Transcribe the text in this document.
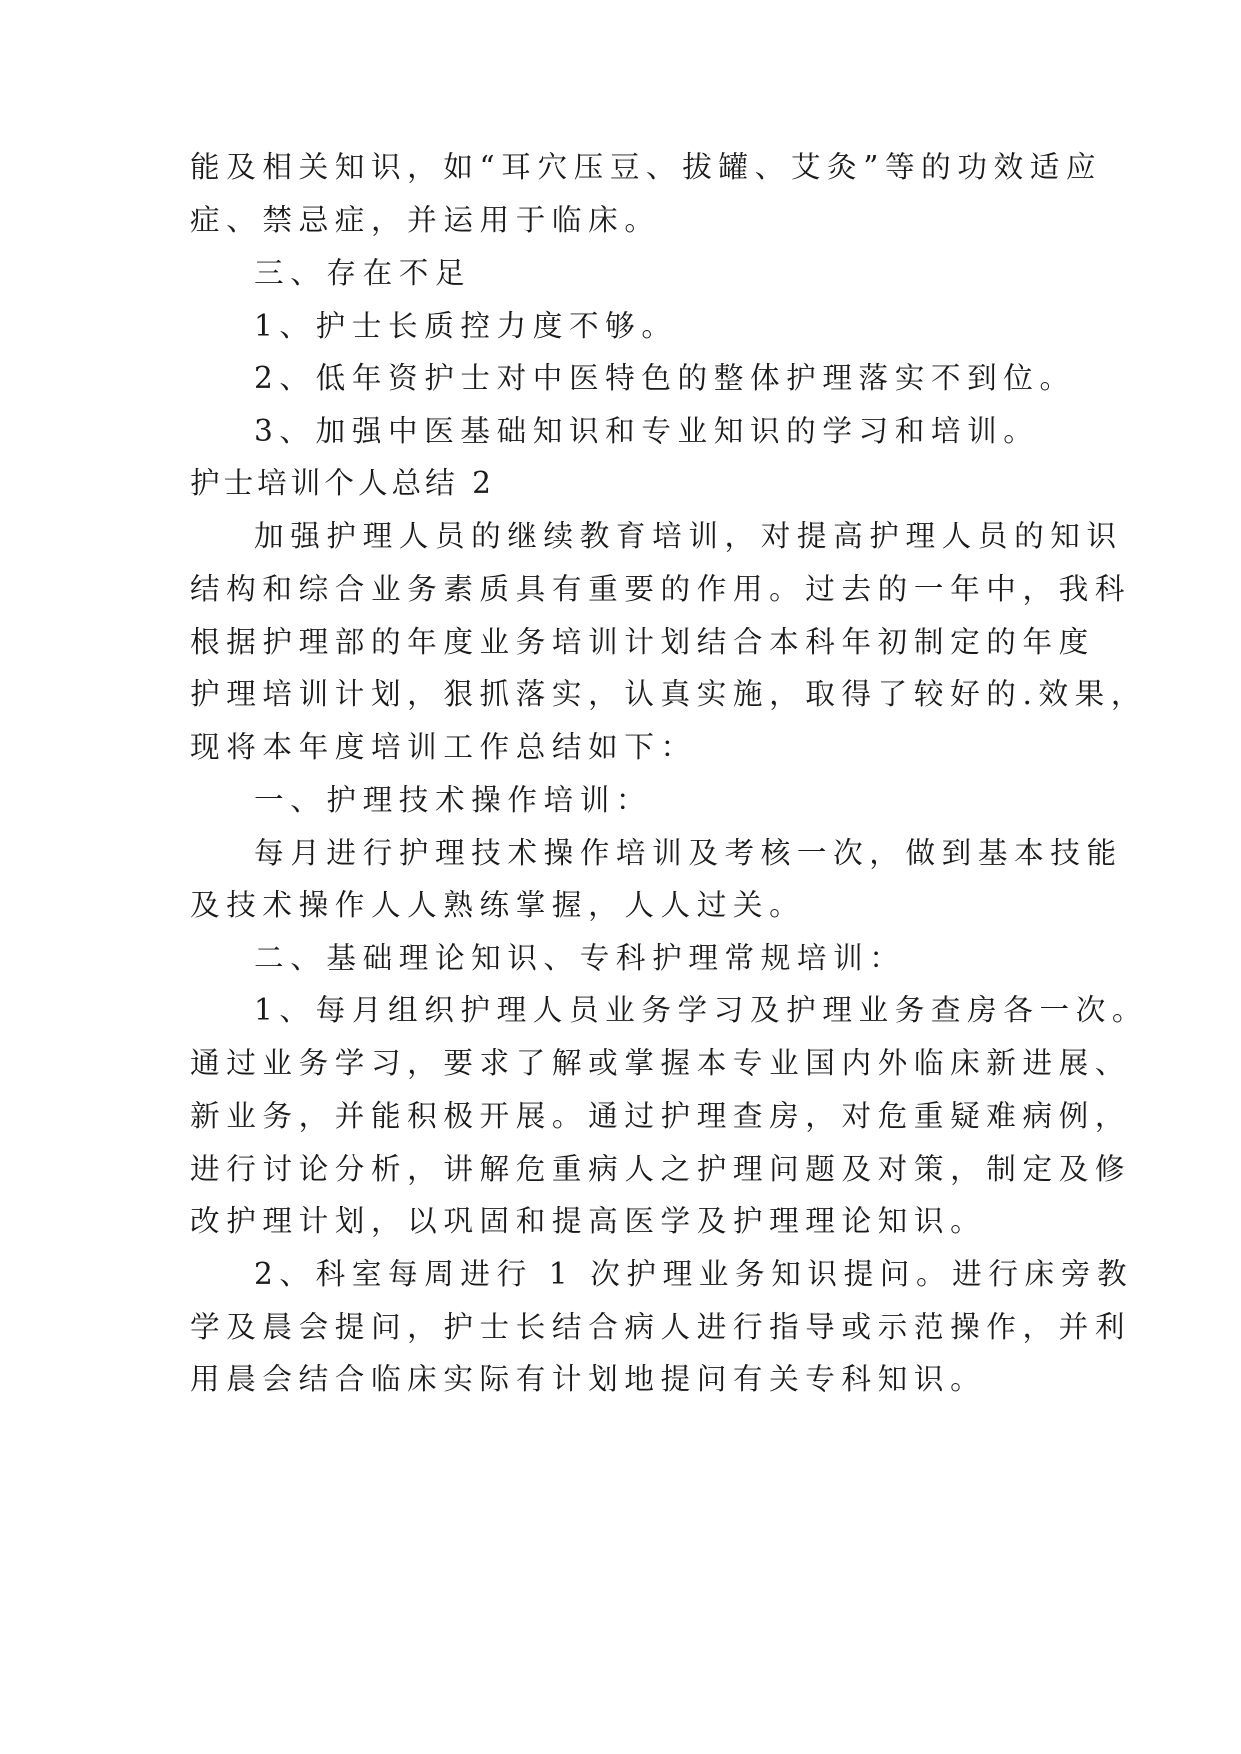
能及相关知识，如“耳穴压豆、拔罐、艾灸”等的功效适应
症、禁忌症，并运用于临床。
三、存在不足
1、护士长质控力度不够。
2、低年资护士对中医特色的整体护理落实不到位。
3、加强中医基础知识和专业知识的学习和培训。
护士培训个人总结 2
加强护理人员的继续教育培训，对提高护理人员的知识
结构和综合业务素质具有重要的作用。过去的一年中，我科
根据护理部的年度业务培训计划结合本科年初制定的年度
护理培训计划，狠抓落实，认真实施，取得了较好的.效果，
现将本年度培训工作总结如下：
一、护理技术操作培训：
每月进行护理技术操作培训及考核一次，做到基本技能
及技术操作人人熟练掌握，人人过关。
二、基础理论知识、专科护理常规培训：
1、每月组织护理人员业务学习及护理业务查房各一次。
通过业务学习，要求了解或掌握本专业国内外临床新进展、
新业务，并能积极开展。通过护理查房，对危重疑难病例，
进行讨论分析，讲解危重病人之护理问题及对策，制定及修
改护理计划，以巩固和提高医学及护理理论知识。
2、科室每周进行 1 次护理业务知识提问。进行床旁教
学及晨会提问，护士长结合病人进行指导或示范操作，并利
用晨会结合临床实际有计划地提问有关专科知识。
